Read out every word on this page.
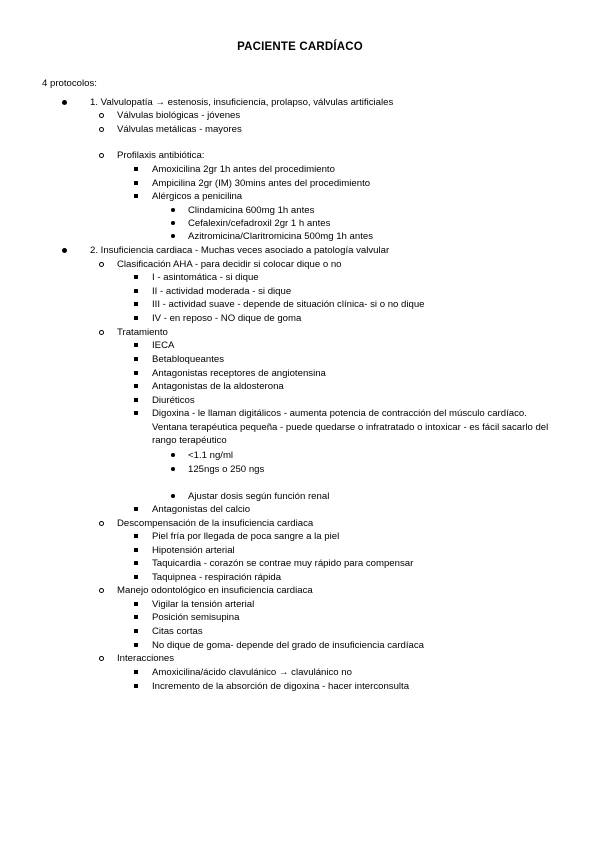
PACIENTE CARDÍACO
4 protocolos:
1. Valvulopatía → estenosis, insuficiencia, prolapso, válvulas artificiales
Válvulas biológicas - jóvenes
Válvulas metálicas - mayores
Profilaxis antibiótica:
Amoxicilina 2gr 1h antes del procedimiento
Ampicilina 2gr (IM) 30mins antes del procedimiento
Alérgicos a penicilina
Clindamicina 600mg 1h antes
Cefalexin/cefadroxil 2gr 1 h antes
Azitromicina/Claritromicina 500mg 1h antes
2. Insuficiencia cardiaca - Muchas veces asociado a patología valvular
Clasificación AHA - para decidir si colocar dique o no
I - asintomática - si dique
II - actividad moderada - si dique
III - actividad suave - depende de situación clínica- si o no dique
IV - en reposo - NO dique de goma
Tratamiento
IECA
Betabloqueantes
Antagonistas receptores de angiotensina
Antagonistas de la aldosterona
Diuréticos
Digoxina - le llaman digitálicos - aumenta potencia de contracción del músculo cardíaco. Ventana terapéutica pequeña - puede quedarse o infratratado o intoxicar - es fácil sacarlo del rango terapéutico
<1.1 ng/ml
125ngs o 250 ngs
Ajustar dosis según función renal
Antagonistas del calcio
Descompensación de la insuficiencia cardiaca
Piel fría por llegada de poca sangre a la piel
Hipotensión arterial
Taquicardia - corazón se contrae muy rápido para compensar
Taquipnea - respiración rápida
Manejo odontológico en insuficiencia cardiaca
Vigilar la tensión arterial
Posición semisupina
Citas cortas
No dique de goma- depende del grado de insuficiencia cardíaca
Interacciones
Amoxicilina/ácido clavulánico → clavulánico no
Incremento de la absorción de digoxina - hacer interconsulta
